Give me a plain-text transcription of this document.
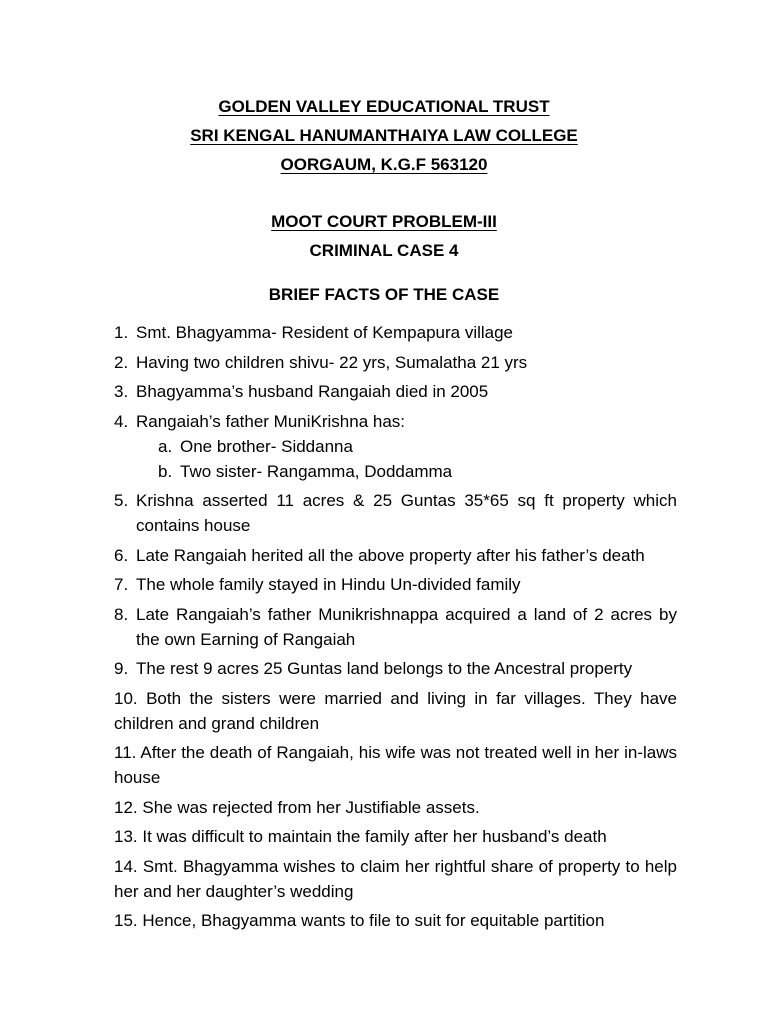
GOLDEN VALLEY EDUCATIONAL TRUST
SRI KENGAL HANUMANTHAIYA LAW COLLEGE
OORGAUM, K.G.F 563120
MOOT COURT PROBLEM-III
CRIMINAL CASE 4
BRIEF FACTS OF THE CASE
1. Smt. Bhagyamma- Resident of Kempapura village
2. Having two children shivu- 22 yrs, Sumalatha 21 yrs
3. Bhagyamma’s husband Rangaiah died in 2005
4. Rangaiah’s father MuniKrishna has:
a. One brother- Siddanna
b. Two sister- Rangamma, Doddamma
5. Krishna asserted 11 acres & 25 Guntas 35*65 sq ft property which contains house
6. Late Rangaiah herited all the above property after his father’s death
7. The whole family stayed in Hindu Un-divided family
8. Late Rangaiah’s father Munikrishnappa acquired a land of 2 acres by the own Earning of Rangaiah
9. The rest 9 acres 25 Guntas land belongs to the Ancestral property
10. Both the sisters were married and living in far villages. They have children and grand children
11. After the death of Rangaiah, his wife was not treated well in her in-laws house
12. She was rejected from her Justifiable assets.
13. It was difficult to maintain the family after her husband’s death
14. Smt. Bhagyamma wishes to claim her rightful share of property to help her and her daughter’s wedding
15. Hence, Bhagyamma wants to file to suit for equitable partition
